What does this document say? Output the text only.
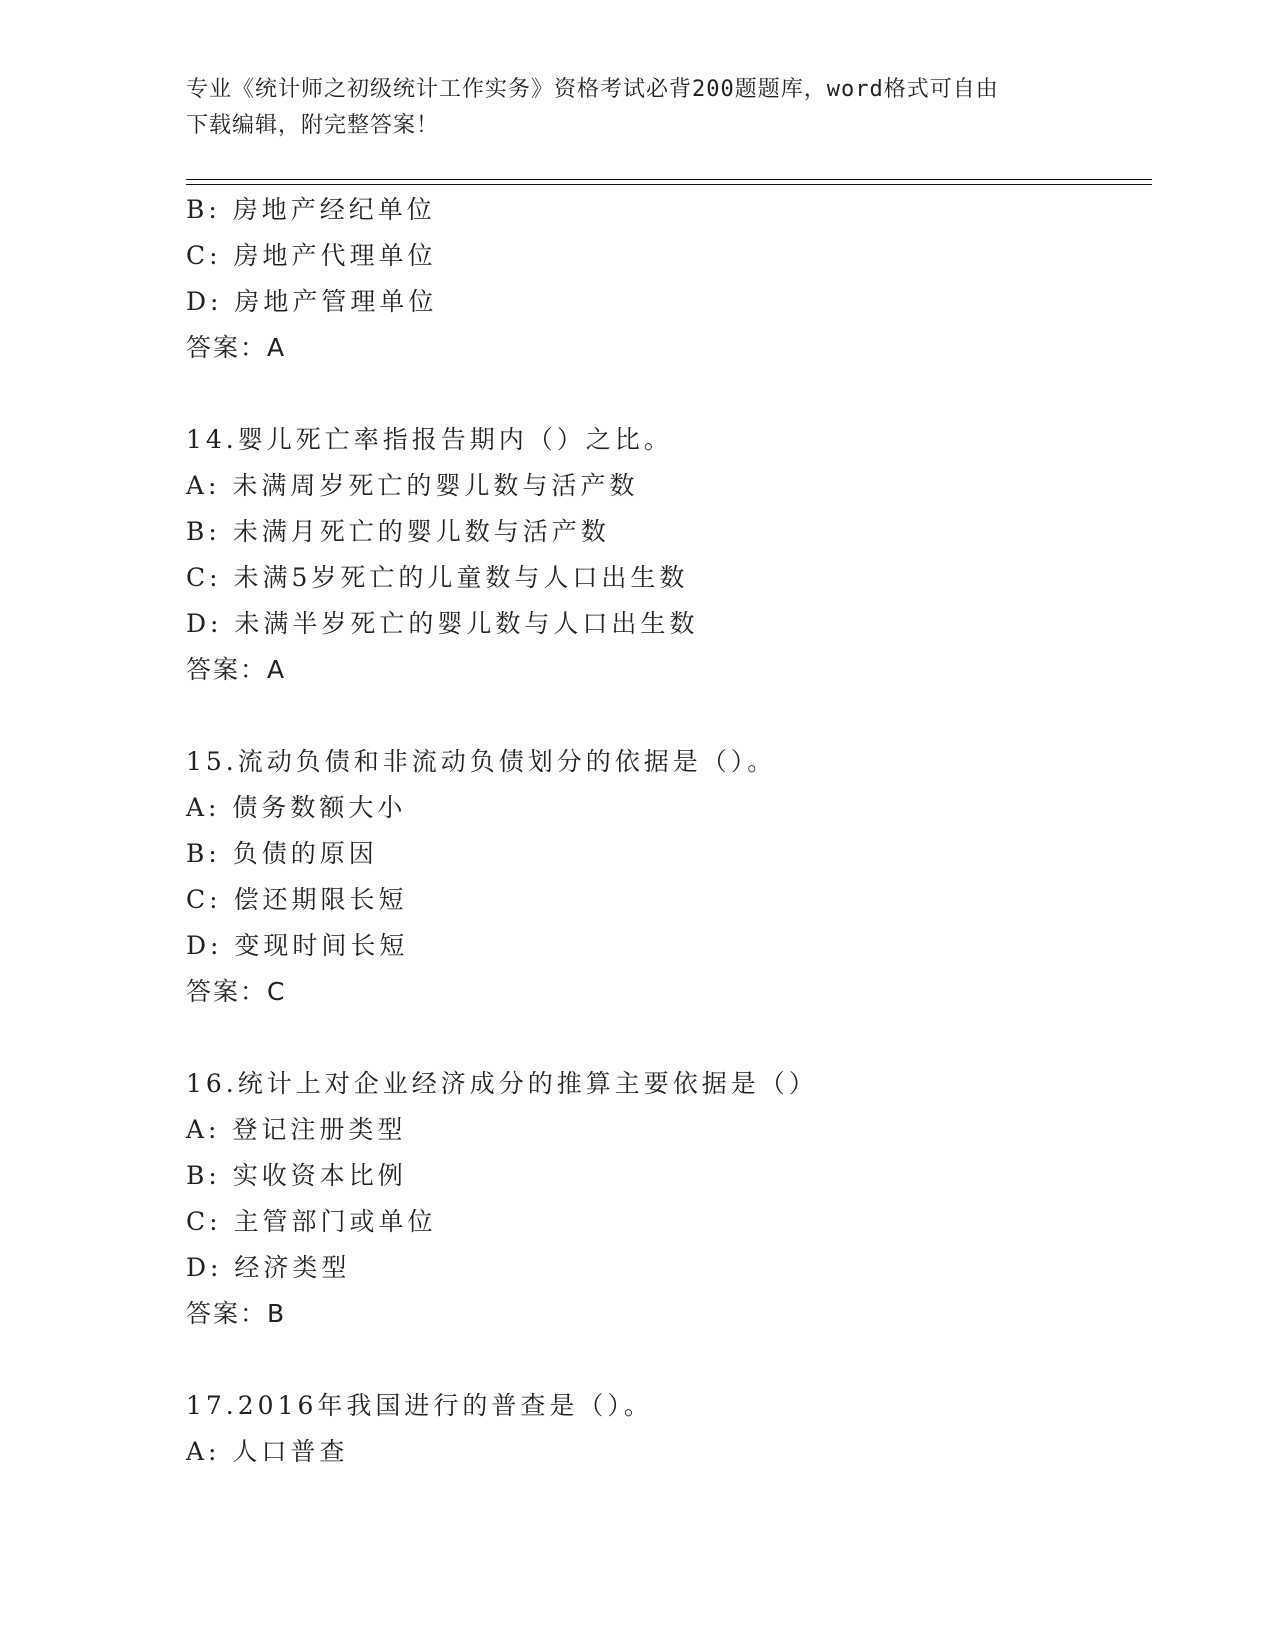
专业《统计师之初级统计工作实务》资格考试必背200题题库，word格式可自由
下载编辑，附完整答案！
B: 房地产经纪单位
C: 房地产代理单位
D: 房地产管理单位
答案：A
14.婴儿死亡率指报告期内（）之比。
A: 未满周岁死亡的婴儿数与活产数
B: 未满月死亡的婴儿数与活产数
C: 未满5岁死亡的儿童数与人口出生数
D: 未满半岁死亡的婴儿数与人口出生数
答案：A
15.流动负债和非流动负债划分的依据是（）。
A: 债务数额大小
B: 负债的原因
C: 偿还期限长短
D: 变现时间长短
答案：C
16.统计上对企业经济成分的推算主要依据是（）
A: 登记注册类型
B: 实收资本比例
C: 主管部门或单位
D: 经济类型
答案：B
17.2016年我国进行的普查是（）。
A: 人口普查
